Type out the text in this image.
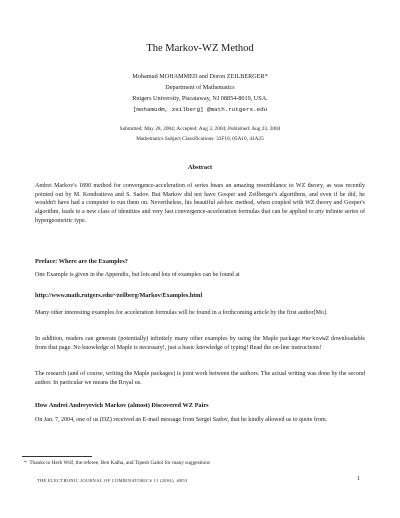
The Markov-WZ Method
Mohamud MOHAMMED and Doron ZEILBERGER*
Department of Mathematics
Rutgers University, Piscataway, NJ 08854-8019, USA.
[mohamudm, zeilberg] @math.rutgers.edu
Submitted: May 28, 2004; Accepted: Aug 3, 2004; Published: Aug 23, 2004
Mathematics Subject Classifications: 33F10, 05A10, 41A25
Abstract
Andrei Markov's 1890 method for convergence-acceleration of series bears an amazing resemblance to WZ theory, as was recently pointed out by M. Kondratieva and S. Sadov. But Markov did not have Gosper and Zeilberger's algorithms, and even if he did, he wouldn't have had a computer to run them on. Nevertheless, his beautiful ad-hoc method, when coupled with WZ theory and Gosper's algorithm, leads to a new class of identities and very fast convergence-acceleration formulas that can be applied to any infinite series of hypergeometric type.
Preface: Where are the Examples?
One Example is given in the Appendix, but lots and lots of examples can be found at
http://www.math.rutgers.edu/~zeilberg/Markov/Examples.html
Many other interesting examples for acceleration formulas will be found in a forthcoming article by the first author[Mo].
In addition, readers can generate (potentially) infinitely many other examples by using the Maple package MarkovWZ downloadable from that page. No knowledge of Maple is necessary!, just a basic knowledge of typing! Read the on-line instructions!
The research (and of course, writing the Maple packages) is joint work between the authors. The actual writing was done by the second author. In particular we means the Royal us.
How Andrei Andreyevich Markov (almost) Discovered WZ Pairs
On Jan. 7, 2004, one of us (DZ) received an E-mail message from Sergei Sadov, that he kindly allowed us to quote from.
* Thanks to Herb Wilf, the referee, Ben Kalha, and Tipesh Gadoi for many suggestions
THE ELECTRONIC JOURNAL OF COMBINATORICS 11 (2004), #R53	1
